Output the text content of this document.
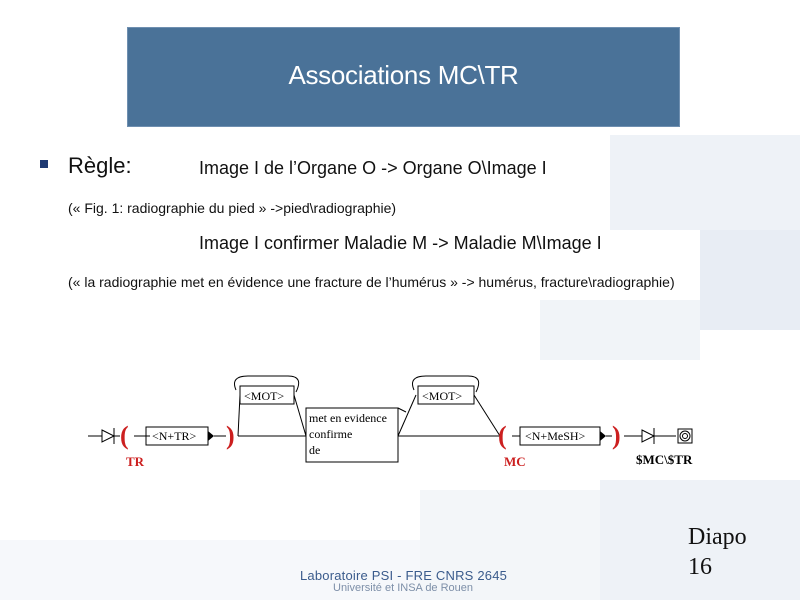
Associations MC\TR
Règle:	Image I de l’Organe O -> Organe O\Image I
(« Fig. 1: radiographie du pied » ->pied\radiographie)
Image I confirmer Maladie M -> Maladie M\Image I
(« la radiographie met en évidence une fracture de l’humérus » -> humérus, fracture\radiographie)
(
TR
<N+TR> )
<MOT>
met en evidence
confirme
de
<MOT>
(
MC
<N+MeSH> )
$MC\$TR
Diapo
16
Laboratoire PSI - FRE CNRS 2645
Université et INSA de Rouen
